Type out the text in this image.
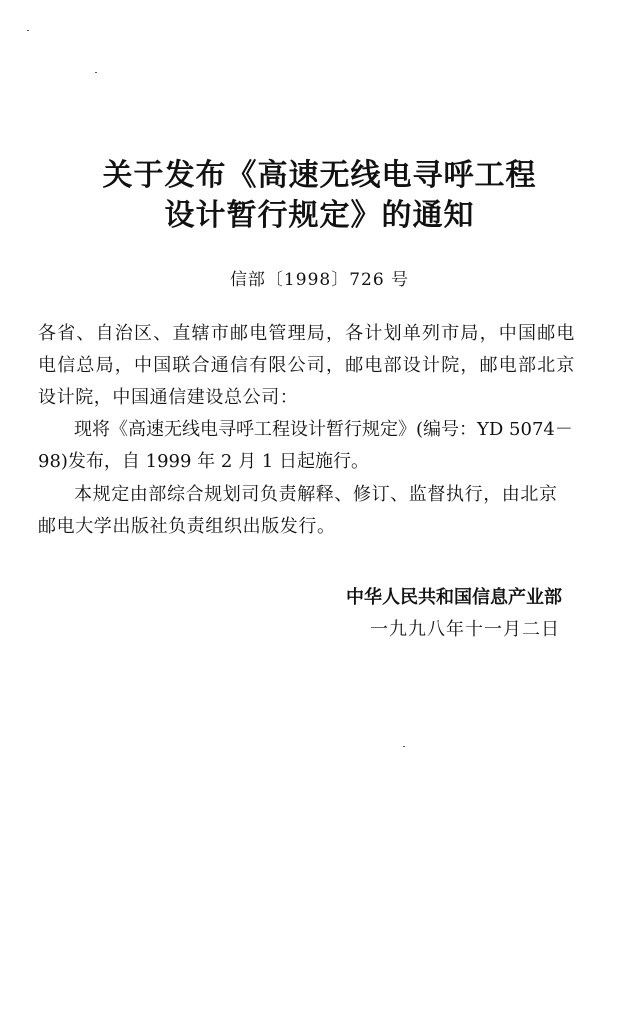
关于发布《高速无线电寻呼工程
设计暂行规定》的通知
信部〔1998〕726 号
各省、自治区、直辖市邮电管理局，各计划单列市局，中国邮电
电信总局，中国联合通信有限公司，邮电部设计院，邮电部北京
设计院，中国通信建设总公司：
现将《高速无线电寻呼工程设计暂行规定》(编号：YD 5074－
98)发布，自 1999 年 2 月 1 日起施行。
本规定由部综合规划司负责解释、修订、监督执行，由北京
邮电大学出版社负责组织出版发行。
中华人民共和国信息产业部
一九九八年十一月二日
